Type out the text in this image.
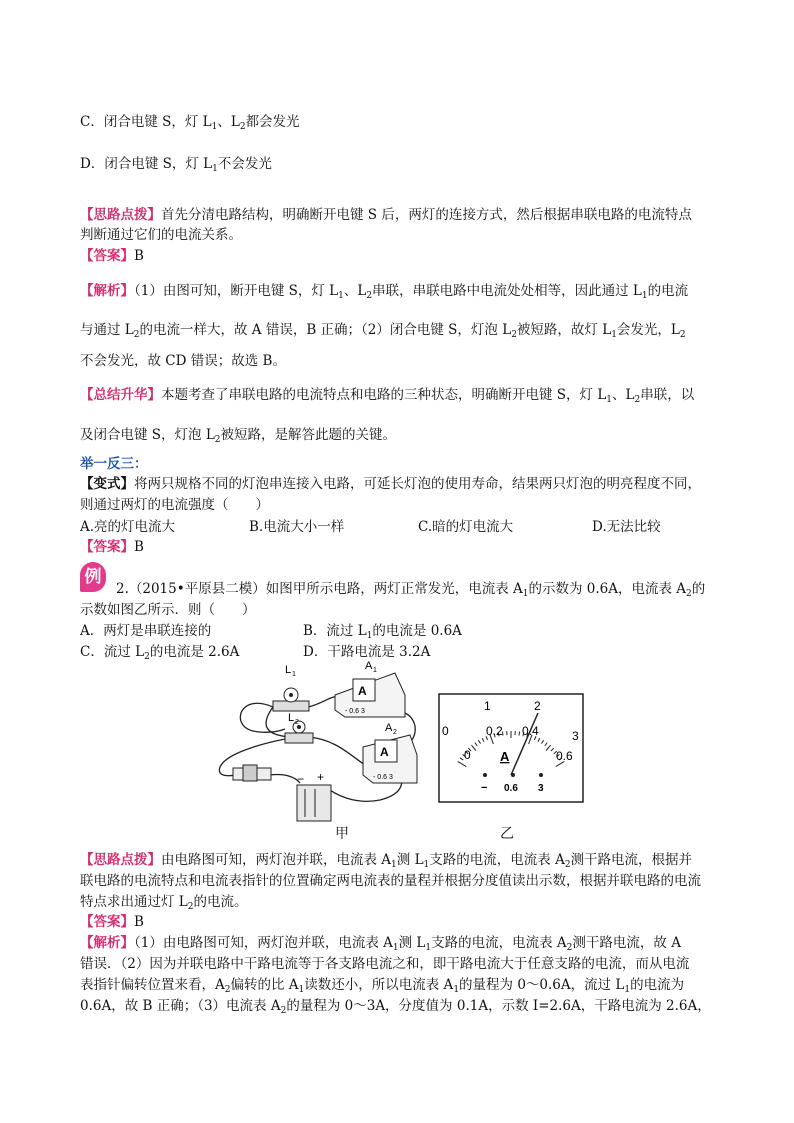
C．闭合电键 S，灯 $L_1$、$L_2$都会发光
D．闭合电键 S，灯 $L_1$不会发光
【思路点拨】首先分清电路结构，明确断开电键 S 后，两灯的连接方式，然后根据串联电路的电流特点
判断通过它们的电流关系。
【答案】B
【解析】（1）由图可知，断开电键 S，灯 $L_1$、$L_2$串联，串联电路中电流处处相等，因此通过 $L_1$的电流
与通过 $L_2$的电流一样大，故 A 错误，B 正确；（2）闭合电键 S，灯泡 $L_2$被短路，故灯 $L_1$会发光，$L_2$
不会发光，故 CD 错误；故选 B。
【总结升华】本题考查了串联电路的电流特点和电路的三种状态，明确断开电键 S，灯 $L_1$、$L_2$串联，以
及闭合电键 S，灯泡 $L_2$被短路，是解答此题的关键。
举一反三：
【变式】将两只规格不同的灯泡串连接入电路，可延长灯泡的使用寿命，结果两只灯泡的明亮程度不同，
则通过两灯的电流强度（　　）
A.亮的灯电流大	B.电流大小一样	C.暗的灯电流大	D.无法比较
【答案】B
例
2.（2015•平原县二模）如图甲所示电路，两灯正常发光，电流表 $A_1$的示数为 0.6A，电流表 $A_2$的
示数如图乙所示．则（　　）
A．两灯是串联连接的	B．流过 $L_1$的电流是 0.6A
C．流过 $L_2$的电流是 2.6A	D．干路电流是 3.2A
L 1
L 2
A
- 0.6 3
A 1
A
- 0.6 3
A 2
− +
甲
0
1	2
3
0
0.2 0.4
0.6
A
− 0.6 3
乙
【思路点拨】由电路图可知，两灯泡并联，电流表 $A_1$测 $L_1$支路的电流，电流表 $A_2$测干路电流，根据并
联电路的电流特点和电流表指针的位置确定两电流表的量程并根据分度值读出示数，根据并联电路的电流
特点求出通过灯 $L_2$的电流。
【答案】B
【解析】（1）由电路图可知，两灯泡并联，电流表 $A_1$测 $L_1$支路的电流，电流表 $A_2$测干路电流，故 A
错误．（2）因为并联电路中干路电流等于各支路电流之和，即干路电流大于任意支路的电流，而从电流
表指针偏转位置来看，$A_2$偏转的比 $A_1$读数还小，所以电流表 $A_1$的量程为 0～0.6A，流过 $L_1$的电流为
0.6A，故 B 正确；（3）电流表 $A_2$的量程为 0～3A，分度值为 0.1A，示数 I=2.6A，干路电流为 2.6A，
